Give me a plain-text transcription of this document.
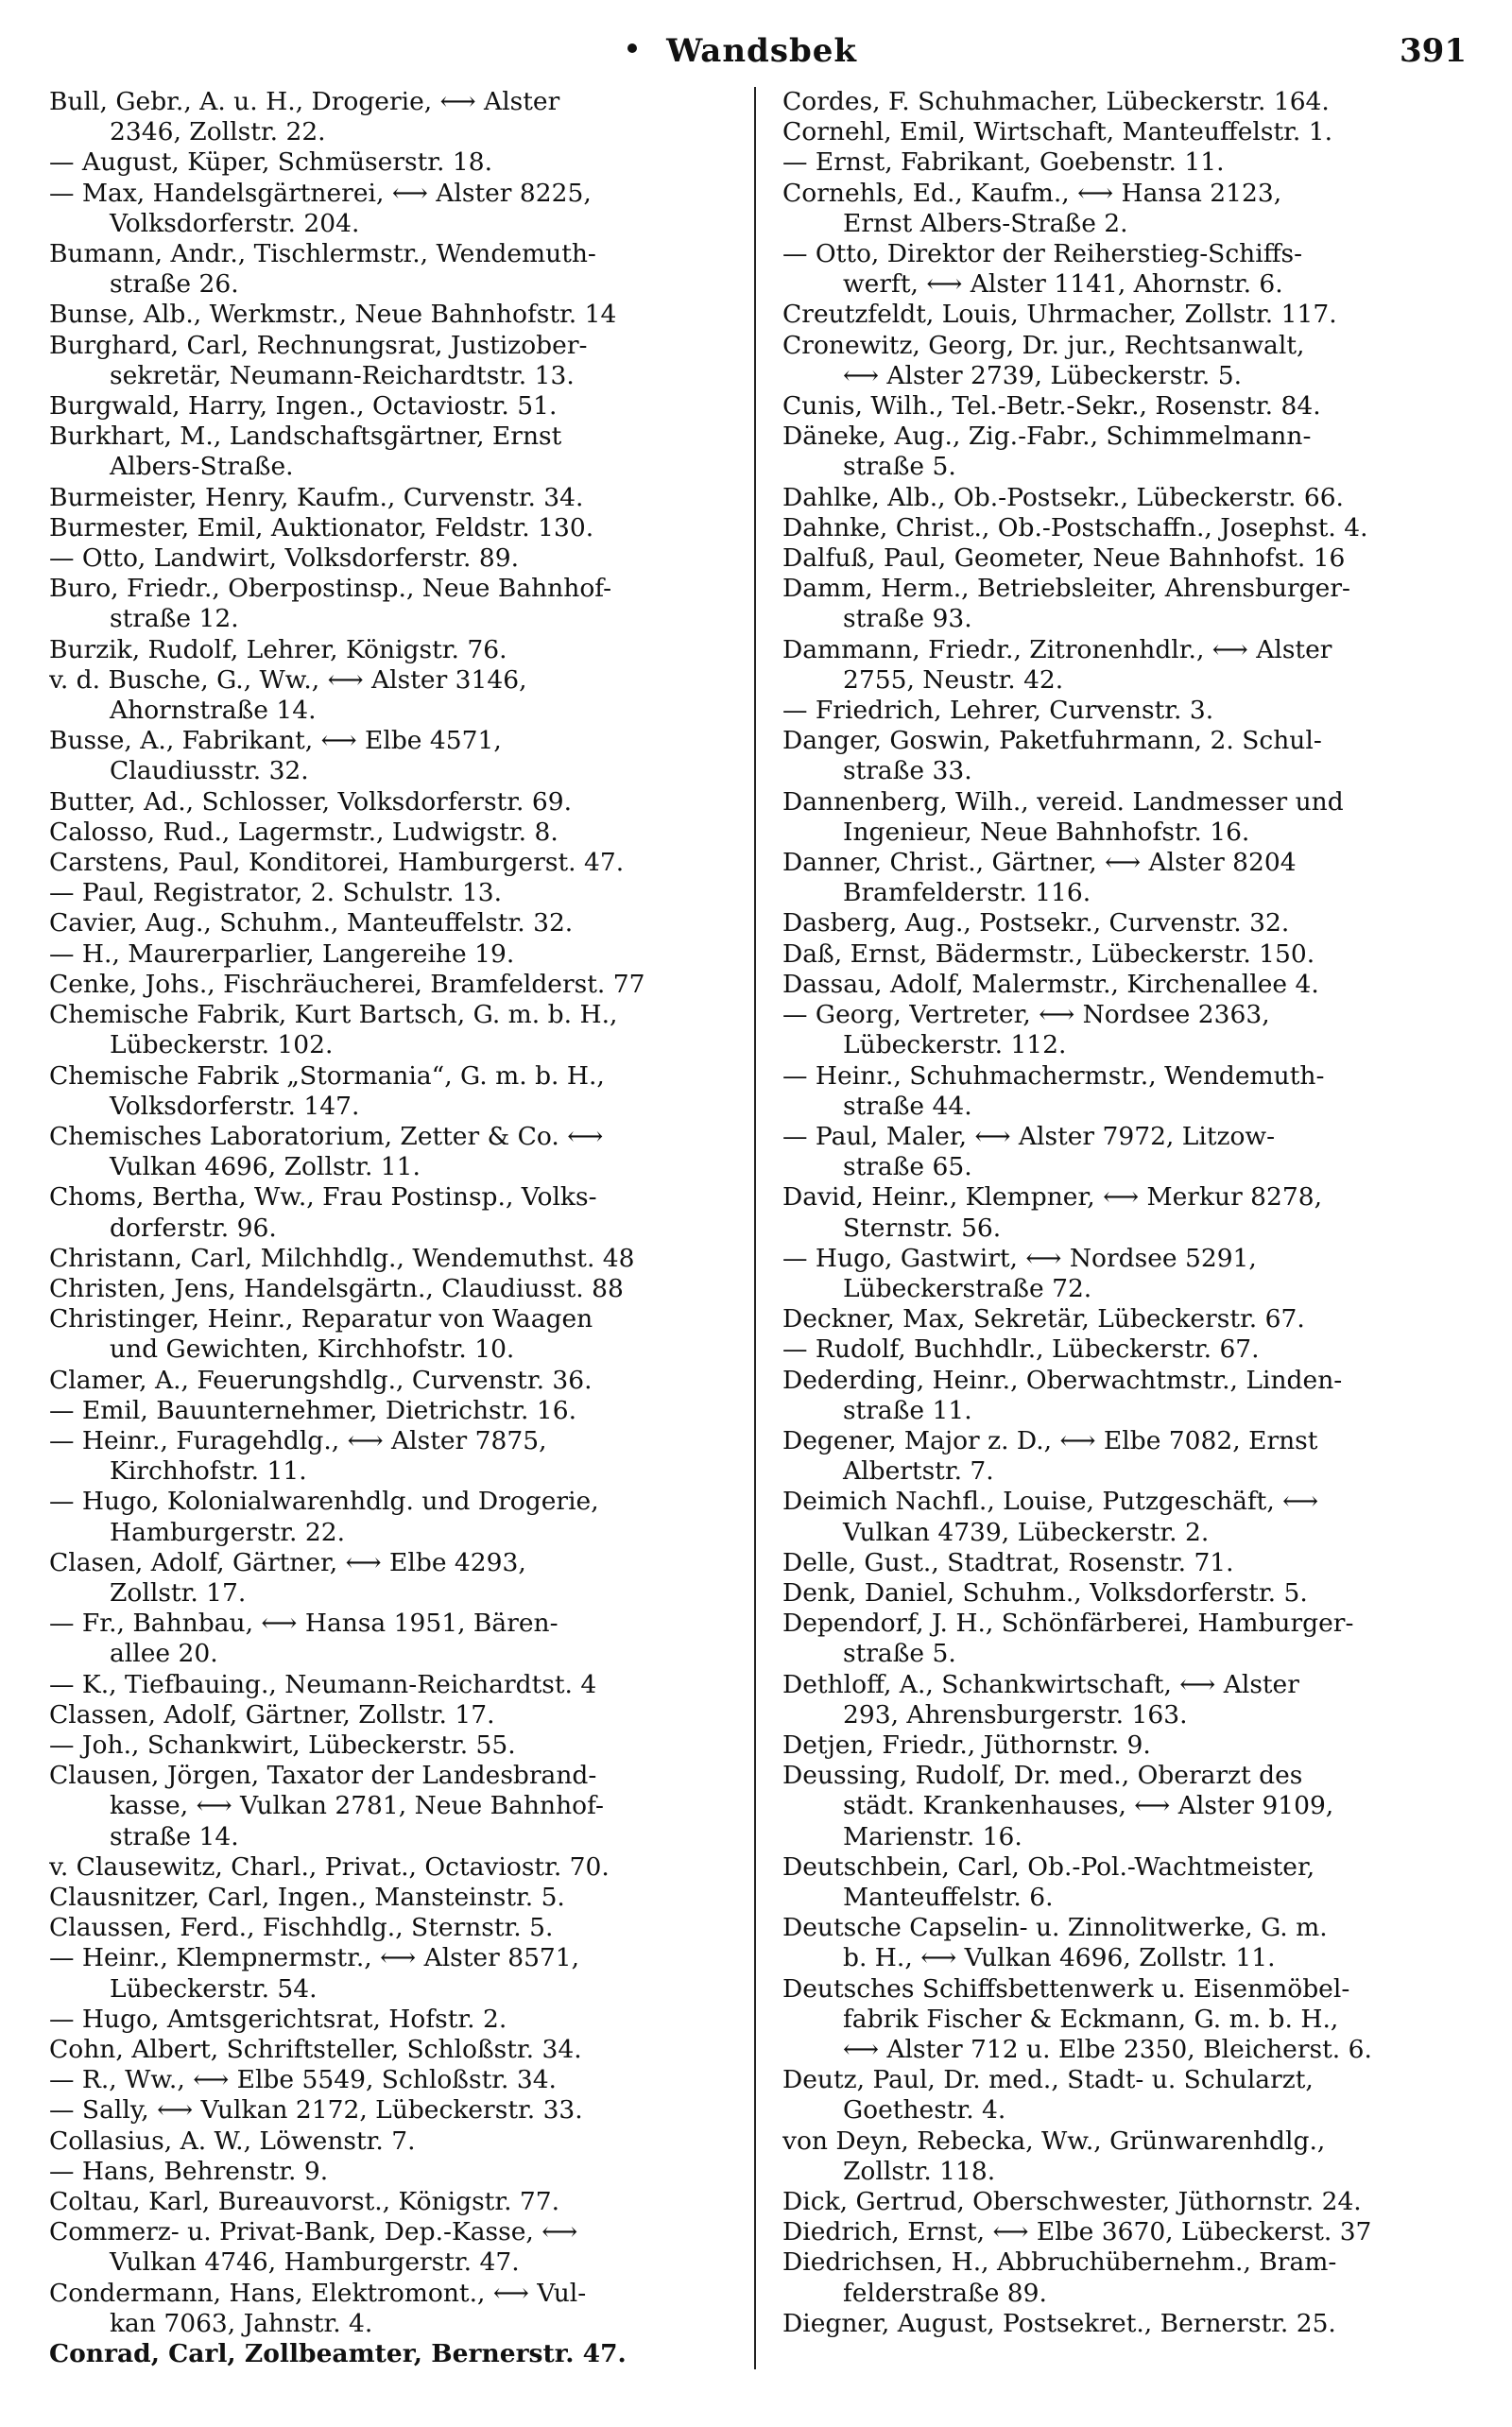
Wandsbek	391

Bull, Gebr., A. u. H., Drogerie, ⟷ Alster
2346, Zollstr. 22.

— August, Küper, Schmüserstr. 18.

— Max, Handelsgärtnerei, ⟷ Alster 8225,
Volksdorferstr. 204.

Bumann, Andr., Tischlermstr., Wendemuth-
straße 26.

Bunse, Alb., Werkmstr., Neue Bahnhofstr. 14

Burghard, Carl, Rechnungsrat, Justizober-
sekretär, Neumann-Reichardtstr. 13.

Burgwald, Harry, Ingen., Octaviostr. 51.

Burkhart, M., Landschaftsgärtner, Ernst
Albers-Straße.

Burmeister, Henry, Kaufm., Curvenstr. 34.

Burmester, Emil, Auktionator, Feldstr. 130.

— Otto, Landwirt, Volksdorferstr. 89.

Buro, Friedr., Oberpostinsp., Neue Bahnhof-
straße 12.

Burzik, Rudolf, Lehrer, Königstr. 76.

v. d. Busche, G., Ww., ⟷ Alster 3146,
Ahornstraße 14.

Busse, A., Fabrikant, ⟷ Elbe 4571,
Claudiusstr. 32.

Butter, Ad., Schlosser, Volksdorferstr. 69.

Calosso, Rud., Lagermstr., Ludwigstr. 8.

Carstens, Paul, Konditorei, Hamburgerst. 47.

— Paul, Registrator, 2. Schulstr. 13.

Cavier, Aug., Schuhm., Manteuffelstr. 32.

— H., Maurerparlier, Langereihe 19.

Cenke, Johs., Fischräucherei, Bramfelderst. 77

Chemische Fabrik, Kurt Bartsch, G. m. b. H.,
Lübeckerstr. 102.

Chemische Fabrik „Stormania“, G. m. b. H.,
Volksdorferstr. 147.

Chemisches Laboratorium, Zetter & Co. ⟷
Vulkan 4696, Zollstr. 11.

Choms, Bertha, Ww., Frau Postinsp., Volks-
dorferstr. 96.

Christann, Carl, Milchhdlg., Wendemuthst. 48

Christen, Jens, Handelsgärtn., Claudiusst. 88

Christinger, Heinr., Reparatur von Waagen
und Gewichten, Kirchhofstr. 10.

Clamer, A., Feuerungshdlg., Curvenstr. 36.

— Emil, Bauunternehmer, Dietrichstr. 16.

— Heinr., Furagehdlg., ⟷ Alster 7875,
Kirchhofstr. 11.

— Hugo, Kolonialwarenhdlg. und Drogerie,
Hamburgerstr. 22.

Clasen, Adolf, Gärtner, ⟷ Elbe 4293,
Zollstr. 17.

— Fr., Bahnbau, ⟷ Hansa 1951, Bären-
allee 20.

— K., Tiefbauing., Neumann-Reichardtst. 4

Classen, Adolf, Gärtner, Zollstr. 17.

— Joh., Schankwirt, Lübeckerstr. 55.

Clausen, Jörgen, Taxator der Landesbrand-
kasse, ⟷ Vulkan 2781, Neue Bahnhof-
straße 14.

v. Clausewitz, Charl., Privat., Octaviostr. 70.

Clausnitzer, Carl, Ingen., Mansteinstr. 5.

Claussen, Ferd., Fischhdlg., Sternstr. 5.

— Heinr., Klempnermstr., ⟷ Alster 8571,
Lübeckerstr. 54.

— Hugo, Amtsgerichtsrat, Hofstr. 2.

Cohn, Albert, Schriftsteller, Schloßstr. 34.

— R., Ww., ⟷ Elbe 5549, Schloßstr. 34.

— Sally, ⟷ Vulkan 2172, Lübeckerstr. 33.

Collasius, A. W., Löwenstr. 7.

— Hans, Behrenstr. 9.

Coltau, Karl, Bureauvorst., Königstr. 77.

Commerz- u. Privat-Bank, Dep.-Kasse, ⟷
Vulkan 4746, Hamburgerstr. 47.

Condermann, Hans, Elektromont., ⟷ Vul-
kan 7063, Jahnstr. 4.

Conrad, Carl, Zollbeamter, Bernerstr. 47.

Cordes, F. Schuhmacher, Lübeckerstr. 164.

Cornehl, Emil, Wirtschaft, Manteuffelstr. 1.

— Ernst, Fabrikant, Goebenstr. 11.

Cornehls, Ed., Kaufm., ⟷ Hansa 2123,
Ernst Albers-Straße 2.

— Otto, Direktor der Reiherstieg-Schiffs-
werft, ⟷ Alster 1141, Ahornstr. 6.

Creutzfeldt, Louis, Uhrmacher, Zollstr. 117.

Cronewitz, Georg, Dr. jur., Rechtsanwalt,
⟷ Alster 2739, Lübeckerstr. 5.

Cunis, Wilh., Tel.-Betr.-Sekr., Rosenstr. 84.

Däneke, Aug., Zig.-Fabr., Schimmelmann-
straße 5.

Dahlke, Alb., Ob.-Postsekr., Lübeckerstr. 66.

Dahnke, Christ., Ob.-Postschaffn., Josephst. 4.

Dalfuß, Paul, Geometer, Neue Bahnhofst. 16

Damm, Herm., Betriebsleiter, Ahrensburger-
straße 93.

Dammann, Friedr., Zitronenhdlr., ⟷ Alster
2755, Neustr. 42.

— Friedrich, Lehrer, Curvenstr. 3.

Danger, Goswin, Paketfuhrmann, 2. Schul-
straße 33.

Dannenberg, Wilh., vereid. Landmesser und
Ingenieur, Neue Bahnhofstr. 16.

Danner, Christ., Gärtner, ⟷ Alster 8204
Bramfelderstr. 116.

Dasberg, Aug., Postsekr., Curvenstr. 32.

Daß, Ernst, Bädermstr., Lübeckerstr. 150.

Dassau, Adolf, Malermstr., Kirchenallee 4.

— Georg, Vertreter, ⟷ Nordsee 2363,
Lübeckerstr. 112.

— Heinr., Schuhmachermstr., Wendemuth-
straße 44.

— Paul, Maler, ⟷ Alster 7972, Litzow-
straße 65.

David, Heinr., Klempner, ⟷ Merkur 8278,
Sternstr. 56.

— Hugo, Gastwirt, ⟷ Nordsee 5291,
Lübeckerstraße 72.

Deckner, Max, Sekretär, Lübeckerstr. 67.

— Rudolf, Buchhdlr., Lübeckerstr. 67.

Dederding, Heinr., Oberwachtmstr., Linden-
straße 11.

Degener, Major z. D., ⟷ Elbe 7082, Ernst
Albertstr. 7.

Deimich Nachfl., Louise, Putzgeschäft, ⟷
Vulkan 4739, Lübeckerstr. 2.

Delle, Gust., Stadtrat, Rosenstr. 71.

Denk, Daniel, Schuhm., Volksdorferstr. 5.

Dependorf, J. H., Schönfärberei, Hamburger-
straße 5.

Dethloff, A., Schankwirtschaft, ⟷ Alster
293, Ahrensburgerstr. 163.

Detjen, Friedr., Jüthornstr. 9.

Deussing, Rudolf, Dr. med., Oberarzt des
städt. Krankenhauses, ⟷ Alster 9109,
Marienstr. 16.

Deutschbein, Carl, Ob.-Pol.-Wachtmeister,
Manteuffelstr. 6.

Deutsche Capselin- u. Zinnolitwerke, G. m.
b. H., ⟷ Vulkan 4696, Zollstr. 11.

Deutsches Schiffsbettenwerk u. Eisenmöbel-
fabrik Fischer & Eckmann, G. m. b. H.,
⟷ Alster 712 u. Elbe 2350, Bleicherst. 6.

Deutz, Paul, Dr. med., Stadt- u. Schularzt,
Goethestr. 4.

von Deyn, Rebecka, Ww., Grünwarenhdlg.,
Zollstr. 118.

Dick, Gertrud, Oberschwester, Jüthornstr. 24.

Diedrich, Ernst, ⟷ Elbe 3670, Lübeckerst. 37

Diedrichsen, H., Abbruchübernehm., Bram-
felderstraße 89.

Diegner, August, Postsekret., Bernerstr. 25.
